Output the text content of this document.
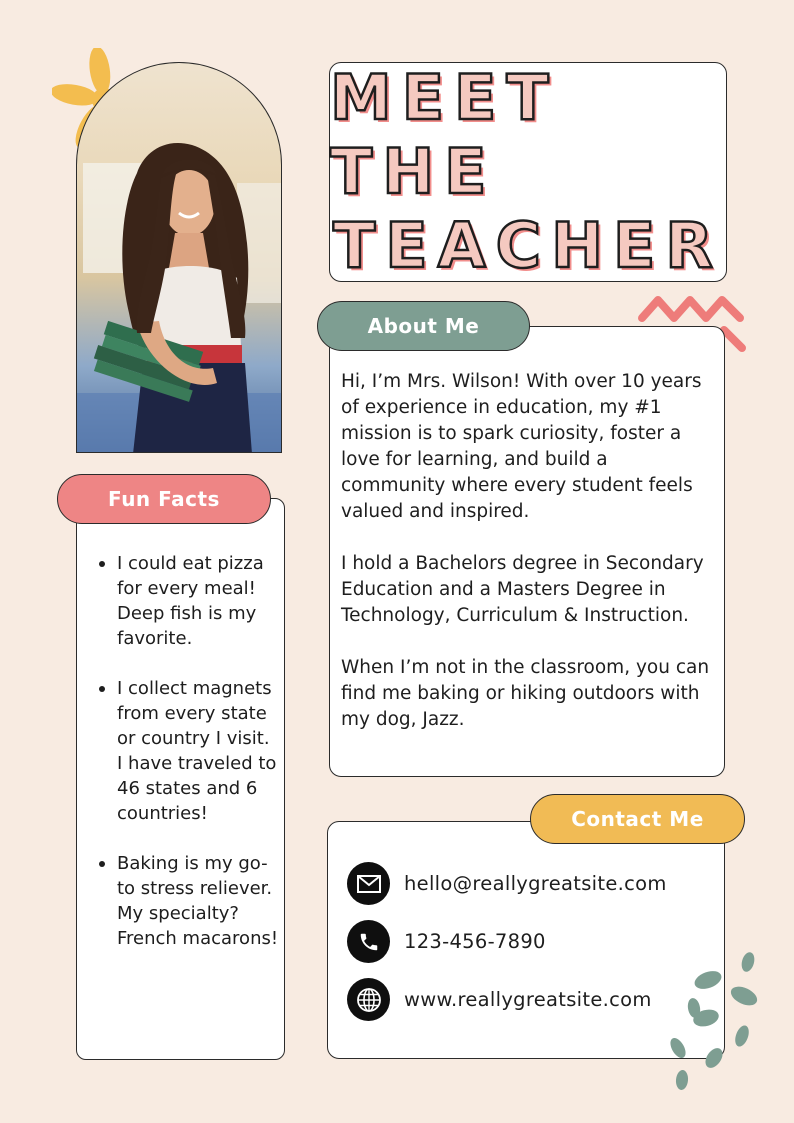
MEET THE
TEACHER

Hi, I’m Mrs. Wilson! With over 10 years of experience in education, my #1 mission is to spark curiosity, foster a love for learning, and build a community where every student feels valued and inspired.

I hold a Bachelors degree in Secondary Education and a Masters Degree in Technology, Curriculum & Instruction.

When I’m not in the classroom, you can find me baking or hiking outdoors with my dog, Jazz.

About Me
I could eat pizza for every meal! Deep fish is my favorite.
I collect magnets from every state or country I visit. I have traveled to 46 states and 6 countries!
Baking is my go-to stress reliever. My specialty? French macarons!
Fun Facts
hello@reallygreatsite.com
123-456-7890
www.reallygreatsite.com
Contact Me
